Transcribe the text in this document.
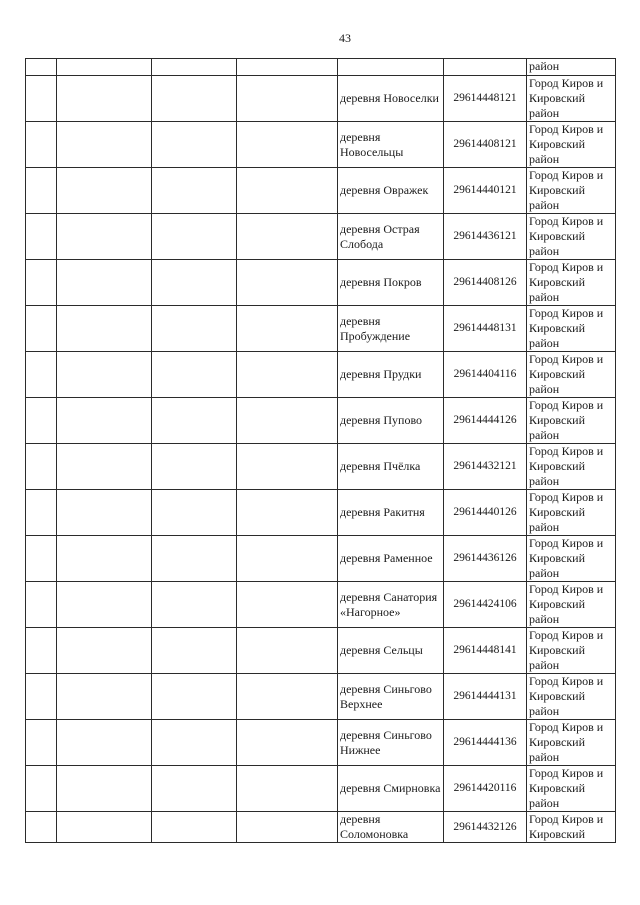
43
						район
				деревня Новоселки	29614448121	Город Киров и Кировский район
				деревня Новосельцы	29614408121	Город Киров и Кировский район
				деревня Овражек	29614440121	Город Киров и Кировский район
				деревня Острая Слобода	29614436121	Город Киров и Кировский район
				деревня Покров	29614408126	Город Киров и Кировский район
				деревня Пробуждение	29614448131	Город Киров и Кировский район
				деревня Прудки	29614404116	Город Киров и Кировский район
				деревня Пупово	29614444126	Город Киров и Кировский район
				деревня Пчёлка	29614432121	Город Киров и Кировский район
				деревня Ракитня	29614440126	Город Киров и Кировский район
				деревня Раменное	29614436126	Город Киров и Кировский район
				деревня Санатория «Нагорное»	29614424106	Город Киров и Кировский район
				деревня Сельцы	29614448141	Город Киров и Кировский район
				деревня Синьгово Верхнее	29614444131	Город Киров и Кировский район
				деревня Синьгово Нижнее	29614444136	Город Киров и Кировский район
				деревня Смирновка	29614420116	Город Киров и Кировский район
				деревня Соломоновка	29614432126	Город Киров и Кировский
